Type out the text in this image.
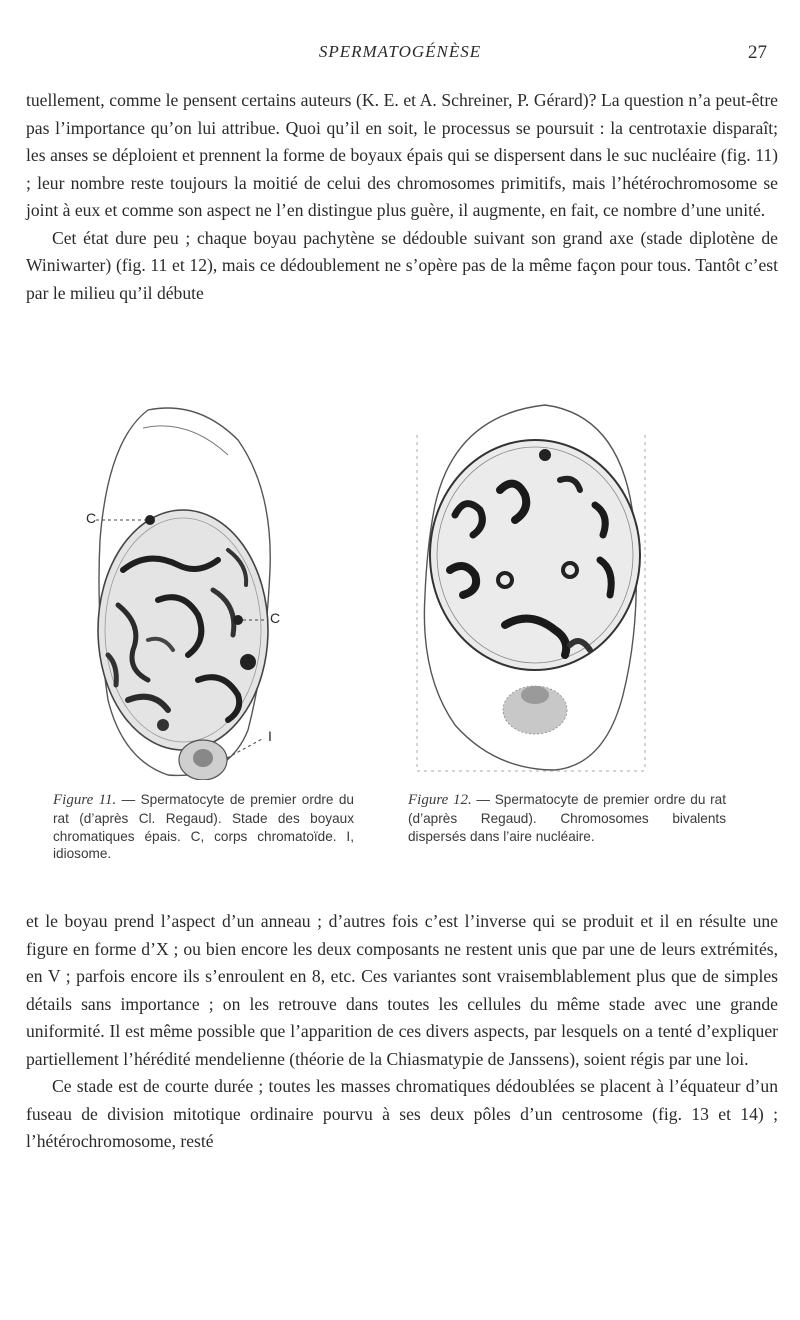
SPERMATOGÉNÈSE	27

tuellement, comme le pensent certains auteurs (K. E. et A. Schreiner, P. Gérard)? La question n’a peut-être pas l’importance qu’on lui attribue. Quoi qu’il en soit, le processus se poursuit : la centrotaxie disparaît; les anses se déploient et prennent la forme de boyaux épais qui se dispersent dans le suc nucléaire (fig. 11) ; leur nombre reste toujours la moitié de celui des chromosomes primitifs, mais l’hétérochromosome se joint à eux et comme son aspect ne l’en distingue plus guère, il augmente, en fait, ce nombre d’une unité.

Cet état dure peu ; chaque boyau pachytène se dédouble suivant son grand axe (stade diplotène de Winiwarter) (fig. 11 et 12), mais ce dédoublement ne s’opère pas de la même façon pour tous. Tantôt c’est par le milieu qu’il débute

C
C
I
Figure 11. — Spermatocyte de premier ordre du rat (d’après Cl. Regaud). Stade des boyaux chromatiques épais. C, corps chromatoïde. I, idiosome.
Figure 12. — Spermatocyte de premier ordre du rat (d’après Regaud). Chromosomes bivalents dispersés dans l’aire nucléaire.

et le boyau prend l’aspect d’un anneau ; d’autres fois c’est l’inverse qui se produit et il en résulte une figure en forme d’X ; ou bien encore les deux composants ne restent unis que par une de leurs extrémités, en V ; parfois encore ils s’enroulent en 8, etc. Ces variantes sont vraisemblablement plus que de simples détails sans importance ; on les retrouve dans toutes les cellules du même stade avec une grande uniformité. Il est même possible que l’apparition de ces divers aspects, par lesquels on a tenté d’expliquer partiellement l’hérédité mendelienne (théorie de la Chiasmatypie de Janssens), soient régis par une loi.

Ce stade est de courte durée ; toutes les masses chromatiques dédoublées se placent à l’équateur d’un fuseau de division mitotique ordinaire pourvu à ses deux pôles d’un centrosome (fig. 13 et 14) ; l’hétérochromosome, resté
